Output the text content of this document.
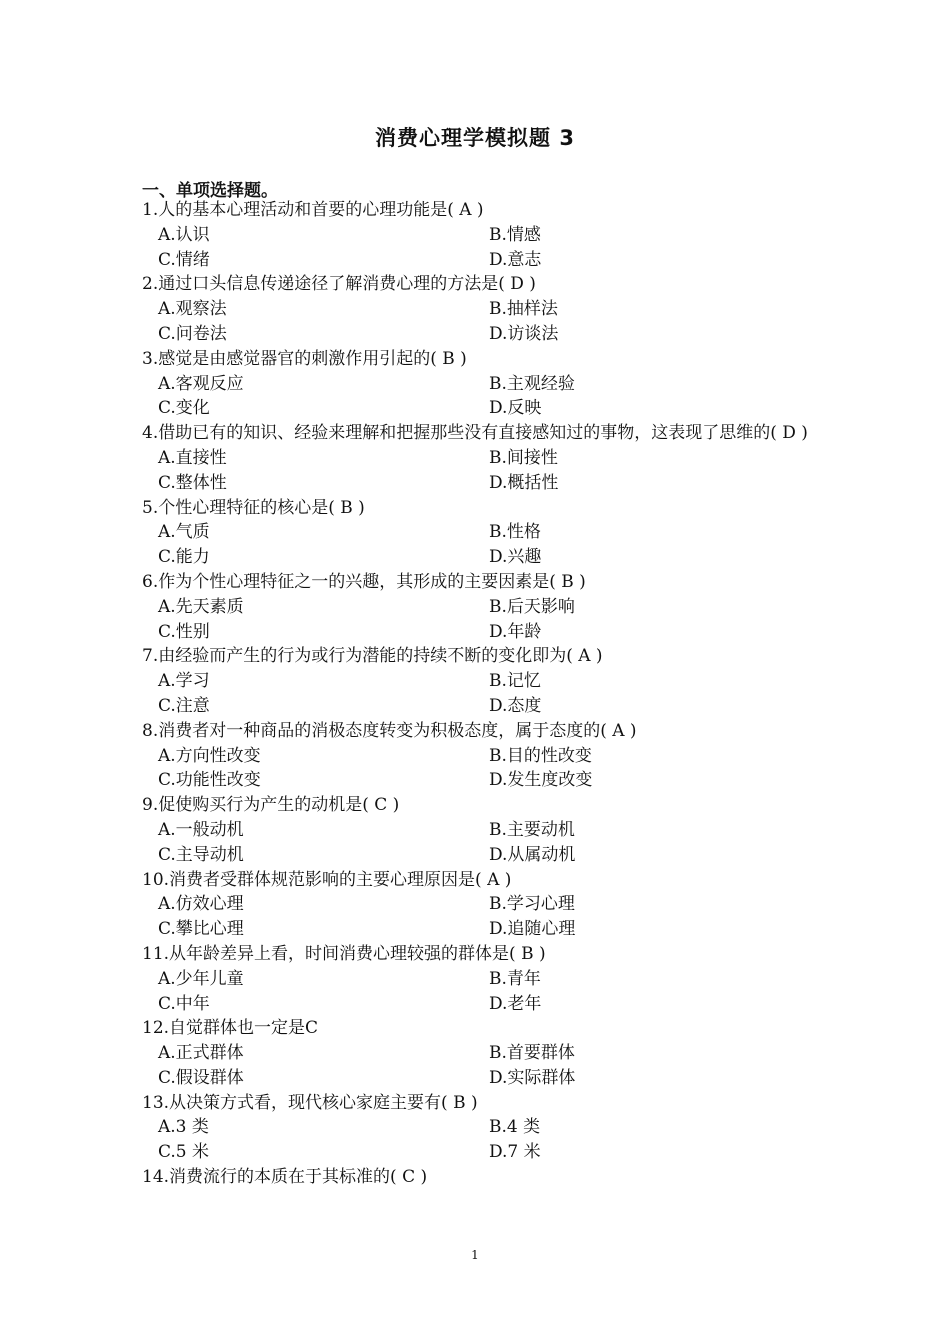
消费心理学模拟题 3
一、单项选择题。
1.人的基本心理活动和首要的心理功能是( A )
A.认识	B.情感
C.情绪	D.意志
2.通过口头信息传递途径了解消费心理的方法是( D )
A.观察法	B.抽样法
C.问卷法	D.访谈法
3.感觉是由感觉器官的刺激作用引起的( B )
A.客观反应	B.主观经验
C.变化	D.反映
4.借助已有的知识、经验来理解和把握那些没有直接感知过的事物，这表现了思维的( D )
A.直接性	B.间接性
C.整体性	D.概括性
5.个性心理特征的核心是( B )
A.气质	B.性格
C.能力	D.兴趣
6.作为个性心理特征之一的兴趣，其形成的主要因素是( B )
A.先天素质	B.后天影响
C.性别	D.年龄
7.由经验而产生的行为或行为潜能的持续不断的变化即为( A )
A.学习	B.记忆
C.注意	D.态度
8.消费者对一种商品的消极态度转变为积极态度，属于态度的( A )
A.方向性改变	B.目的性改变
C.功能性改变	D.发生度改变
9.促使购买行为产生的动机是( C )
A.一般动机	B.主要动机
C.主导动机	D.从属动机
10.消费者受群体规范影响的主要心理原因是( A )
A.仿效心理	B.学习心理
C.攀比心理	D.追随心理
11.从年龄差异上看，时间消费心理较强的群体是( B )
A.少年儿童	B.青年
C.中年	D.老年
12.自觉群体也一定是C
A.正式群体	B.首要群体
C.假设群体	D.实际群体
13.从决策方式看，现代核心家庭主要有( B )
A.3 类	B.4 类
C.5 米	D.7 米
14.消费流行的本质在于其标准的( C )
1
